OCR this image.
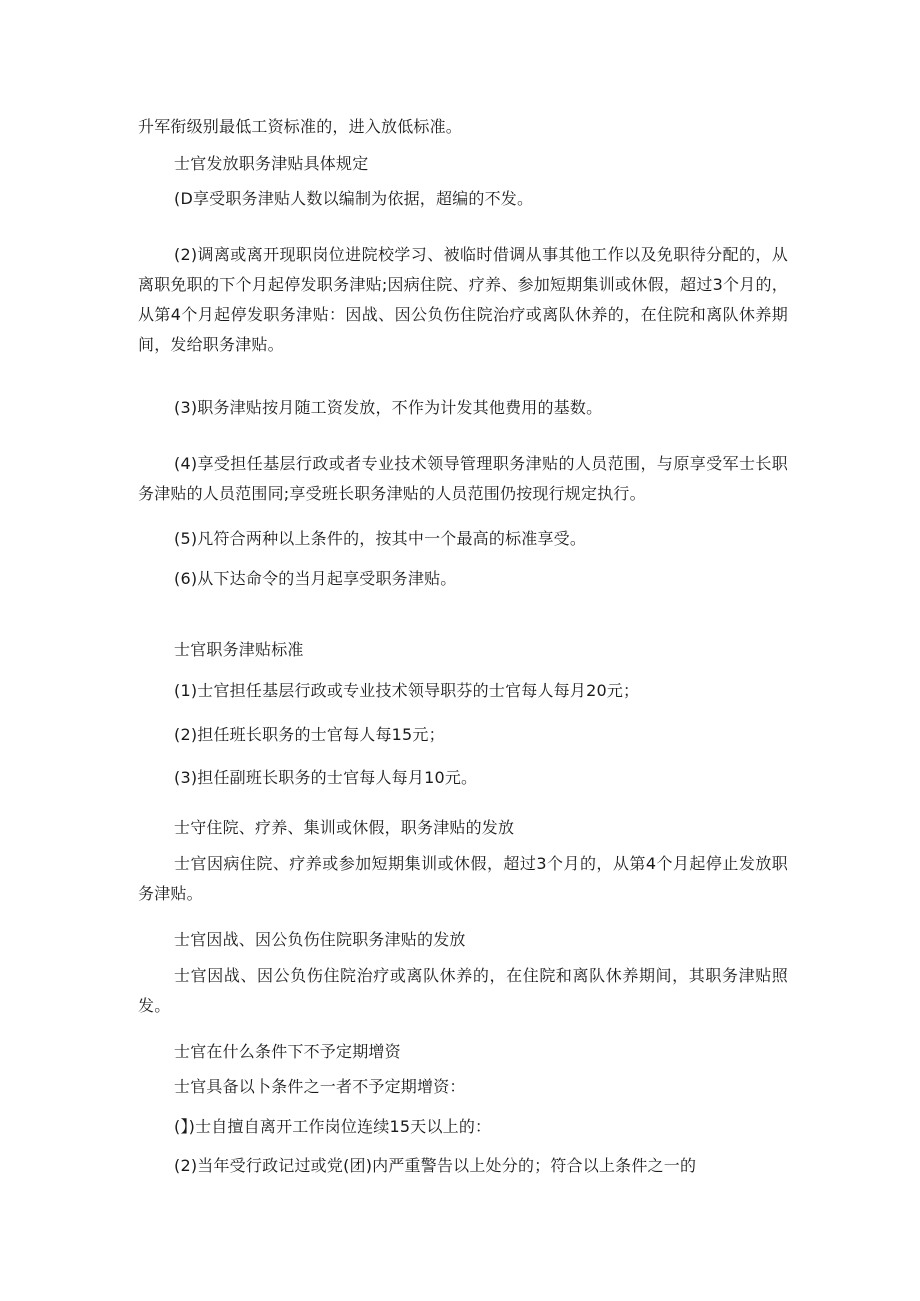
升军衔级别最低工资标准的，进入放低标准。
士官发放职务津贴具体规定

(D享受职务津贴人数以编制为依据，超编的不发。

(2)调离或离开现职岗位进院校学习、被临时借调从事其他工作以及免职待分配的，从离职免职的下个月起停发职务津贴;因病住院、疗养、参加短期集训或休假，超过3个月的，从第4个月起停发职务津贴：因战、因公负伤住院治疗或离队休养的，在住院和离队休养期间，发给职务津贴。

(3)职务津贴按月随工资发放，不作为计发其他费用的基数。

(4)享受担任基层行政或者专业技术领导管理职务津贴的人员范围，与原享受军士长职务津贴的人员范围同;享受班长职务津贴的人员范围仍按现行规定执行。

(5)凡符合两种以上条件的，按其中一个最高的标准享受。

(6)从下达命令的当月起享受职务津贴。

士官职务津贴标准

(1)士官担任基层行政或专业技术领导职芬的士官每人每月20元；

(2)担任班长职务的士官每人每15元；

(3)担任副班长职务的士官每人每月10元。

士守住院、疗养、集训或休假，职务津贴的发放

士官因病住院、疗养或参加短期集训或休假，超过3个月的，从第4个月起停止发放职务津贴。

士官因战、因公负伤住院职务津贴的发放

士官因战、因公负伤住院治疗或离队休养的，在住院和离队休养期间，其职务津贴照发。

士官在什么条件下不予定期增资

士官具备以卜条件之一者不予定期增资：

(】)士自擅自离开工作岗位连续15天以上的：

(2)当年受行政记过或党(团)内严重警告以上处分的；符合以上条件之一的
